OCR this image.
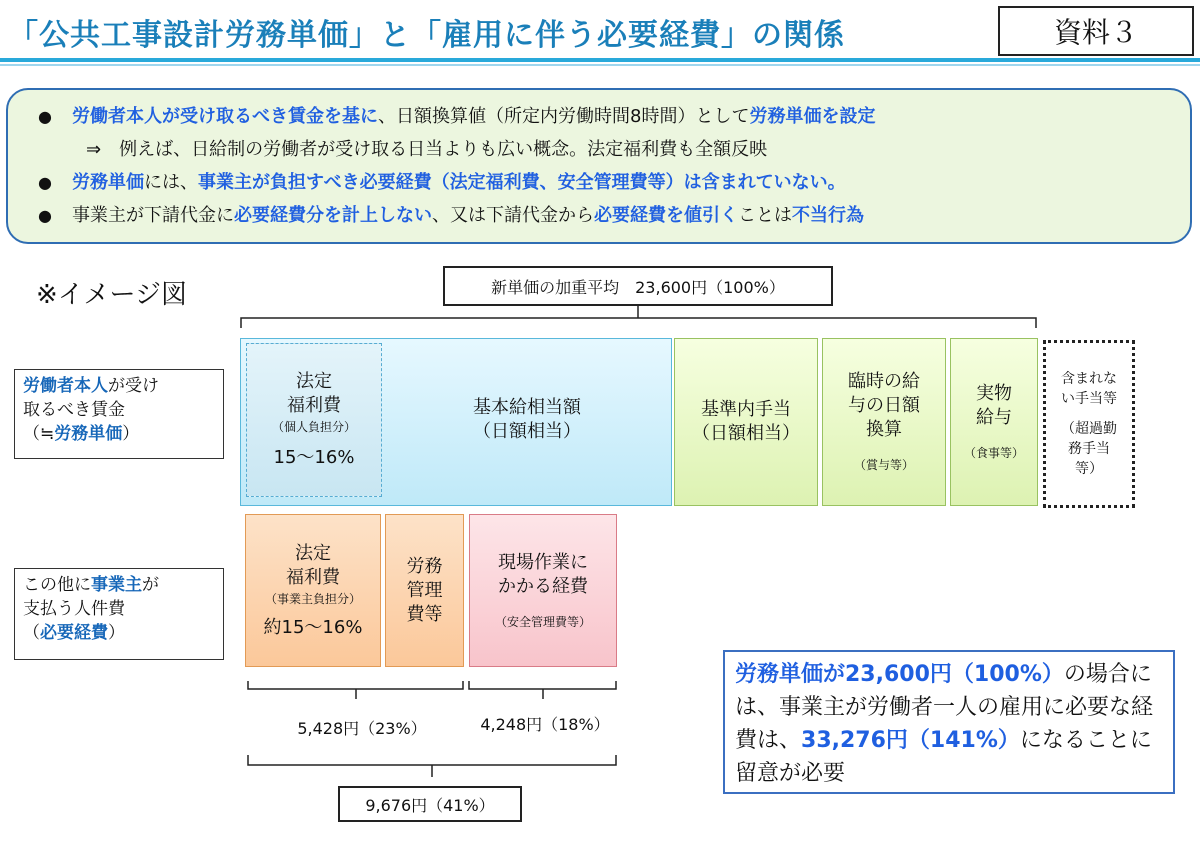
「公共工事設計労務単価」と「雇用に伴う必要経費」の関係	資料３
● 労働者本人が受け取るべき賃金を基に、日額換算値（所定内労働時間8時間）として労務単価を設定
⇒　例えば、日給制の労働者が受け取る日当よりも広い概念。法定福利費も全額反映
● 労務単価には、事業主が負担すべき必要経費（法定福利費、安全管理費等）は含まれていない。
● 事業主が下請代金に必要経費分を計上しない、又は下請代金から必要経費を値引くことは不当行為
※イメージ図	新単価の加重平均　23,600円（100%）
労働者本人が受け
取るべき賃金
（≒労務単価）
法定
福利費
（個人負担分）
15～16%
基本給相当額
（日額相当）
基準内手当
（日額相当）
臨時の給
与の日額
換算
（賞与等）
実物
給与
（食事等）
含まれな
い手当等
（超過勤
務手当
等）
この他に事業主が
支払う人件費
（必要経費）
法定
福利費
（事業主負担分）
約15～16%
労務
管理
費等
現場作業に
かかる経費
（安全管理費等）
5,428円（23%）	4,248円（18%）
9,676円（41%）
労務単価が23,600円（100%）の場合には、事業主が労働者一人の雇用に必要な経費は、33,276円（141%）になることに留意が必要
